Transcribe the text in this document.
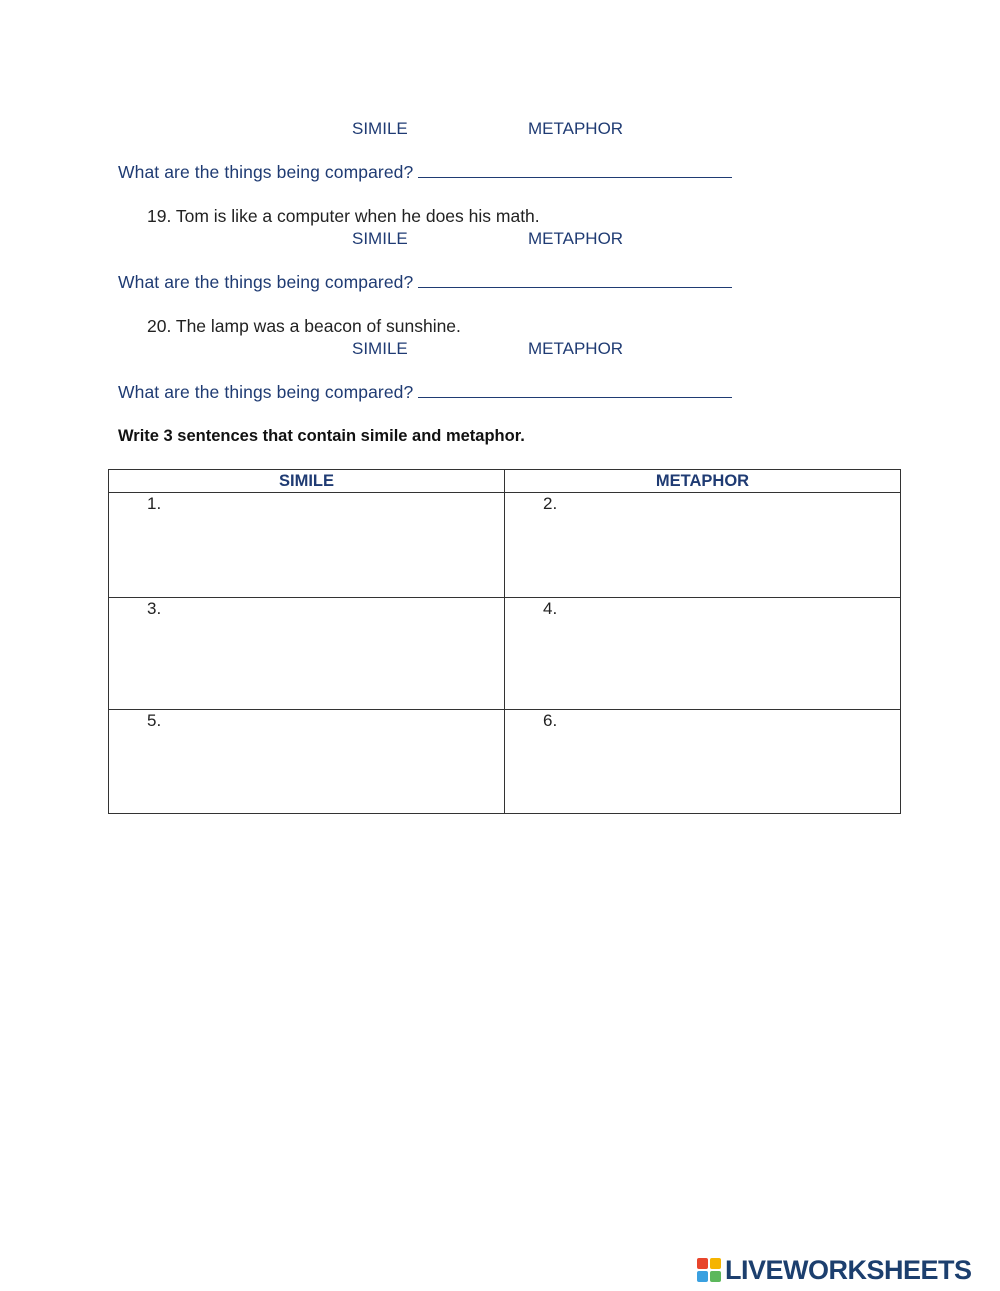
SIMILE	METAPHOR
What are the things being compared?
19. Tom is like a computer when he does his math.
SIMILE	METAPHOR
What are the things being compared?
20. The lamp was a beacon of sunshine.
SIMILE	METAPHOR
What are the things being compared?
Write 3 sentences that contain simile and metaphor.
SIMILE	METAPHOR
1.	2.
3.	4.
5.	6.
LIVEWORKSHEETS
